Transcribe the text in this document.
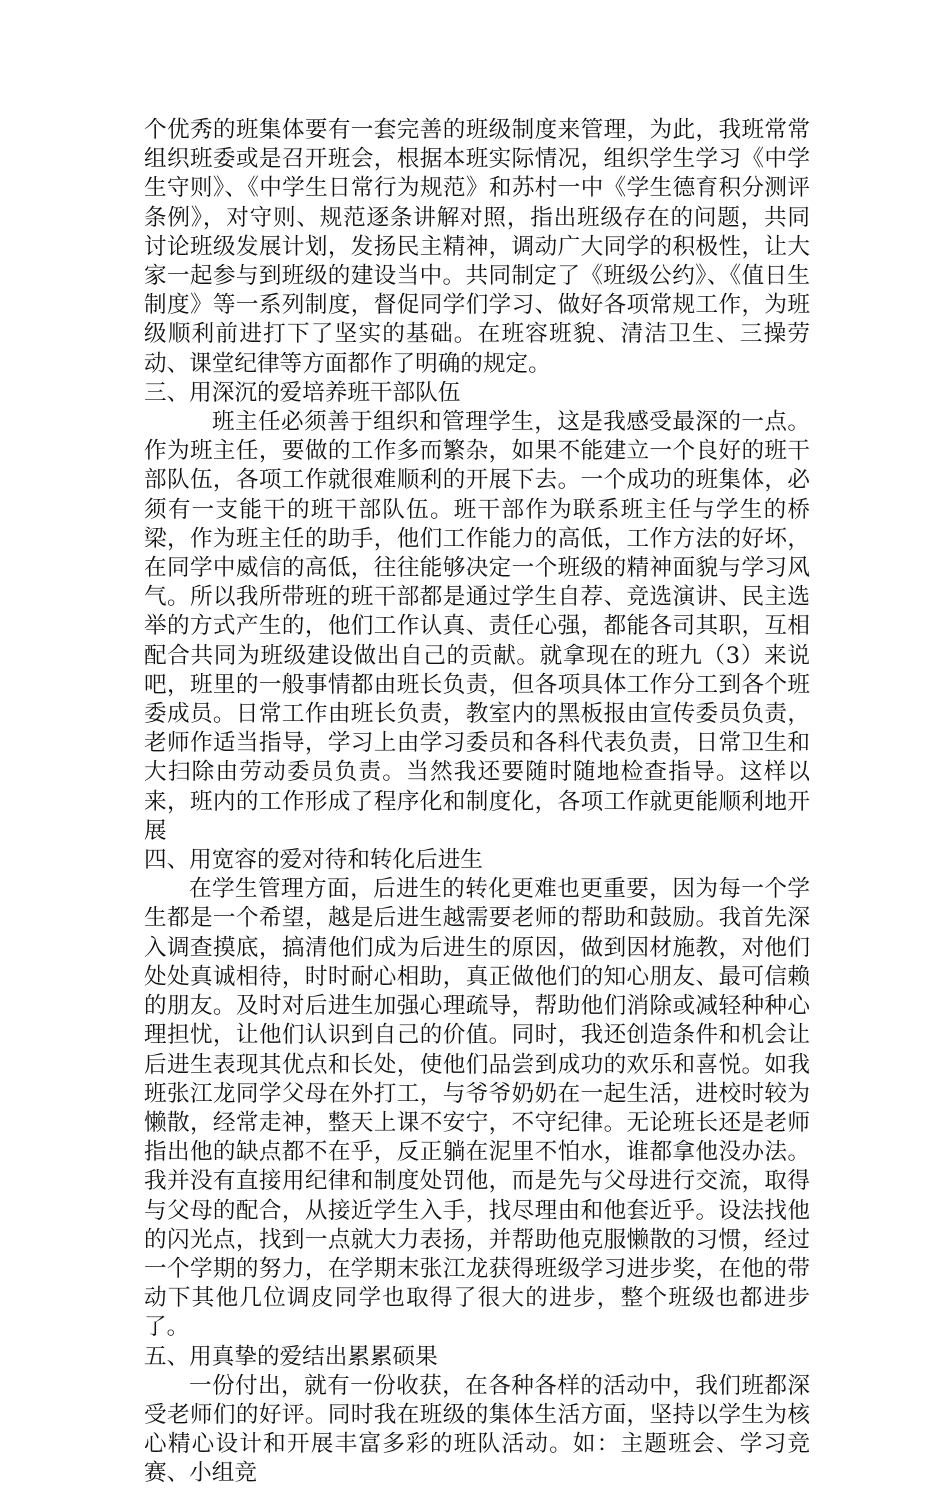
个优秀的班集体要有一套完善的班级制度来管理，为此，我班常常组织班委或是召开班会，根据本班实际情况，组织学生学习《中学生守则》、《中学生日常行为规范》和苏村一中《学生德育积分测评条例》，对守则、规范逐条讲解对照，指出班级存在的问题，共同讨论班级发展计划，发扬民主精神，调动广大同学的积极性，让大家一起参与到班级的建设当中。共同制定了《班级公约》、《值日生制度》等一系列制度，督促同学们学习、做好各项常规工作，为班级顺利前进打下了坚实的基础。在班容班貌、清洁卫生、三操劳动、课堂纪律等方面都作了明确的规定。

三、用深沉的爱培养班干部队伍

班主任必须善于组织和管理学生，这是我感受最深的一点。作为班主任，要做的工作多而繁杂，如果不能建立一个良好的班干部队伍，各项工作就很难顺利的开展下去。一个成功的班集体，必须有一支能干的班干部队伍。班干部作为联系班主任与学生的桥梁，作为班主任的助手，他们工作能力的高低，工作方法的好坏，在同学中威信的高低，往往能够决定一个班级的精神面貌与学习风气。所以我所带班的班干部都是通过学生自荐、竞选演讲、民主选举的方式产生的，他们工作认真、责任心强，都能各司其职，互相配合共同为班级建设做出自己的贡献。就拿现在的班九（3）来说吧，班里的一般事情都由班长负责，但各项具体工作分工到各个班委成员。日常工作由班长负责，教室内的黑板报由宣传委员负责，老师作适当指导，学习上由学习委员和各科代表负责，日常卫生和大扫除由劳动委员负责。当然我还要随时随地检查指导。这样以来，班内的工作形成了程序化和制度化，各项工作就更能顺利地开展

四、用宽容的爱对待和转化后进生

在学生管理方面，后进生的转化更难也更重要，因为每一个学生都是一个希望，越是后进生越需要老师的帮助和鼓励。我首先深入调查摸底，搞清他们成为后进生的原因，做到因材施教，对他们处处真诚相待，时时耐心相助，真正做他们的知心朋友、最可信赖的朋友。及时对后进生加强心理疏导，帮助他们消除或减轻种种心理担忧，让他们认识到自己的价值。同时，我还创造条件和机会让后进生表现其优点和长处，使他们品尝到成功的欢乐和喜悦。如我班张江龙同学父母在外打工，与爷爷奶奶在一起生活，进校时较为懒散，经常走神，整天上课不安宁，不守纪律。无论班长还是老师指出他的缺点都不在乎，反正躺在泥里不怕水，谁都拿他没办法。我并没有直接用纪律和制度处罚他，而是先与父母进行交流，取得与父母的配合，从接近学生入手，找尽理由和他套近乎。设法找他的闪光点，找到一点就大力表扬，并帮助他克服懒散的习惯，经过一个学期的努力，在学期末张江龙获得班级学习进步奖，在他的带动下其他几位调皮同学也取得了很大的进步，整个班级也都进步了。

五、用真挚的爱结出累累硕果

一份付出，就有一份收获，在各种各样的活动中，我们班都深受老师们的好评。同时我在班级的集体生活方面，坚持以学生为核心精心设计和开展丰富多彩的班队活动。如：主题班会、学习竞赛、小组竞
